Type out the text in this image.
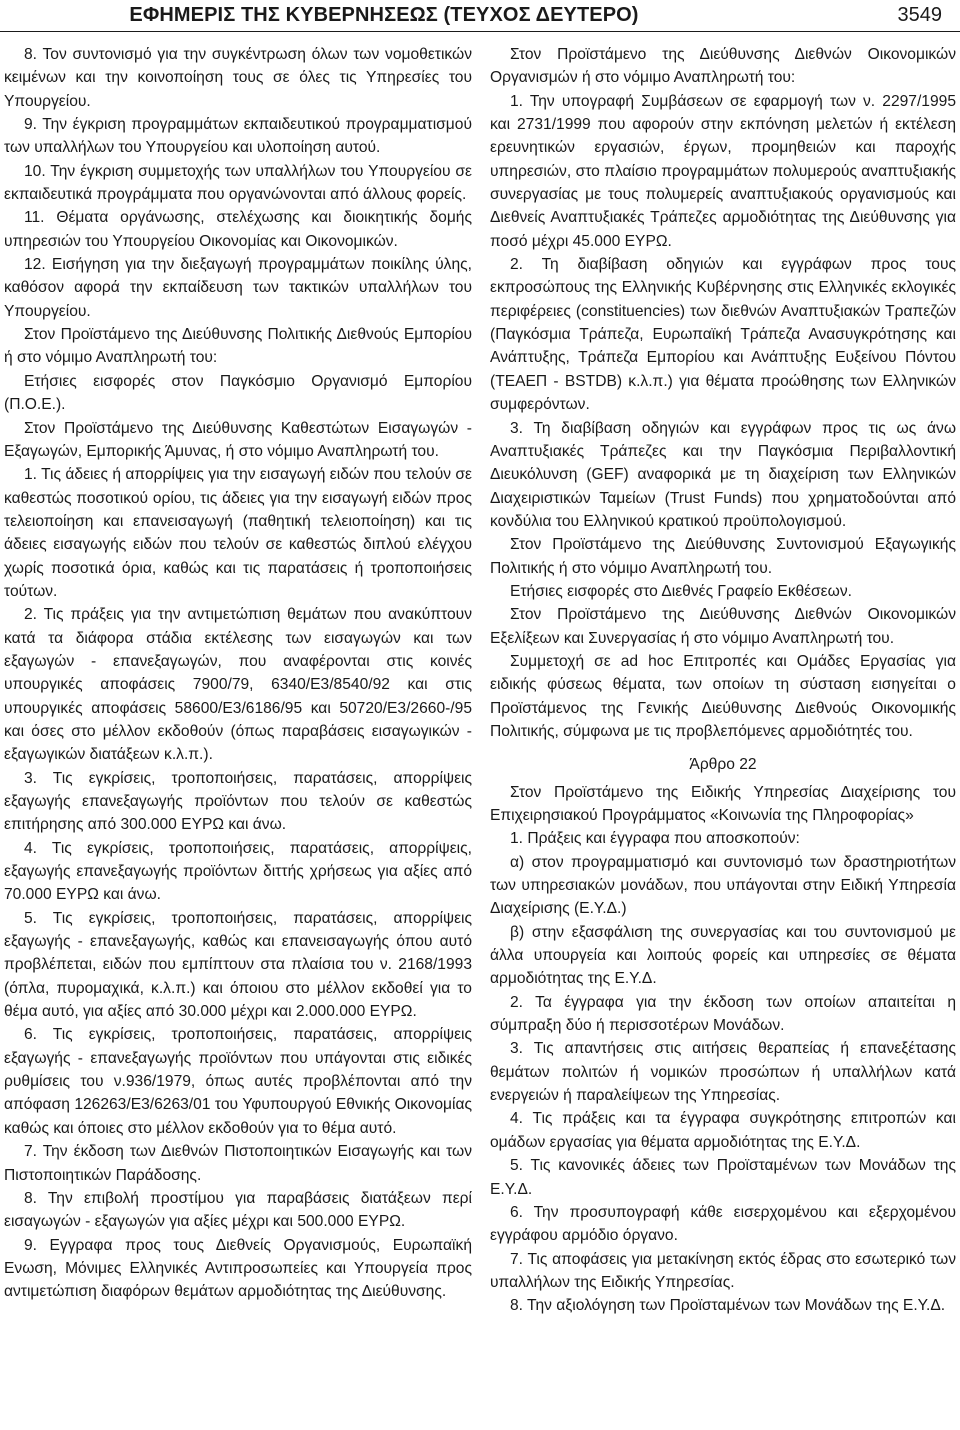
ΕΦΗΜΕΡΙΣ ΤΗΣ ΚΥΒΕΡΝΗΣΕΩΣ (ΤΕΥΧΟΣ ΔΕΥΤΕΡΟ)	3549

8. Τον συντονισμό για την συγκέντρωση όλων των νομοθετικών κειμένων και την κοινοποίηση τους σε όλες τις Υπηρεσίες του Υπουργείου.

9. Την έγκριση προγραμμάτων εκπαιδευτικού προγραμματισμού των υπαλλήλων του Υπουργείου και υλοποίηση αυτού.

10. Την έγκριση συμμετοχής των υπαλλήλων του Υπουργείου σε εκπαιδευτικά προγράμματα που οργανώνονται από άλλους φορείς.

11. Θέματα οργάνωσης, στελέχωσης και διοικητικής δομής υπηρεσιών του Υπουργείου Οικονομίας και Οικονομικών.

12. Εισήγηση για την διεξαγωγή προγραμμάτων ποικίλης ύλης, καθόσον αφορά την εκπαίδευση των τακτικών υπαλλήλων του Υπουργείου.

Στον Προϊστάμενο της Διεύθυνσης Πολιτικής Διεθνούς Εμπορίου ή στο νόμιμο Αναπληρωτή του:

Ετήσιες εισφορές στον Παγκόσμιο Οργανισμό Εμπορίου (Π.Ο.Ε.).

Στον Προϊστάμενο της Διεύθυνσης Καθεστώτων Εισαγωγών - Εξαγωγών, Εμπορικής Άμυνας, ή στο νόμιμο Αναπληρωτή του.

1. Τις άδειες ή απορρίψεις για την εισαγωγή ειδών που τελούν σε καθεστώς ποσοτικού ορίου, τις άδειες για την εισαγωγή ειδών προς τελειοποίηση και επανεισαγωγή (παθητική τελειοποίηση) και τις άδειες εισαγωγής ειδών που τελούν σε καθεστώς διπλού ελέγχου χωρίς ποσοτικά όρια, καθώς και τις παρατάσεις ή τροποποιήσεις τούτων.

2. Τις πράξεις για την αντιμετώπιση θεμάτων που ανακύπτουν κατά τα διάφορα στάδια εκτέλεσης των εισαγωγών και των εξαγωγών - επανεξαγωγών, που αναφέρονται στις κοινές υπουργικές αποφάσεις 7900/79, 6340/Ε3/8540/92 και στις υπουργικές αποφάσεις 58600/Ε3/6186/95 και 50720/Ε3/2660-/95 και όσες στο μέλλον εκδοθούν (όπως παραβάσεις εισαγωγικών - εξαγωγικών διατάξεων κ.λ.π.).

3. Τις εγκρίσεις, τροποποιήσεις, παρατάσεις, απορρίψεις εξαγωγής επανεξαγωγής προϊόντων που τελούν σε καθεστώς επιτήρησης από 300.000 ΕΥΡΩ και άνω.

4. Τις εγκρίσεις, τροποποιήσεις, παρατάσεις, απορρίψεις, εξαγωγής επανεξαγωγής προϊόντων διττής χρήσεως για αξίες από 70.000 ΕΥΡΩ και άνω.

5. Τις εγκρίσεις, τροποποιήσεις, παρατάσεις, απορρίψεις εξαγωγής - επανεξαγωγής, καθώς και επανεισαγωγής όπου αυτό προβλέπεται, ειδών που εμπίπτουν στα πλαίσια του ν. 2168/1993 (όπλα, πυρομαχικά, κ.λ.π.) και όποιου στο μέλλον εκδοθεί για το θέμα αυτό, για αξίες από 30.000 μέχρι και 2.000.000 ΕΥΡΩ.

6. Τις εγκρίσεις, τροποποιήσεις, παρατάσεις, απορρίψεις εξαγωγής - επανεξαγωγής προϊόντων που υπάγονται στις ειδικές ρυθμίσεις του ν.936/1979, όπως αυτές προβλέπονται από την απόφαση 126263/Ε3/6263/01 του Υφυπουργού Εθνικής Οικονομίας καθώς και όποιες στο μέλλον εκδοθούν για το θέμα αυτό.

7. Την έκδοση των Διεθνών Πιστοποιητικών Εισαγωγής και των Πιστοποιητικών Παράδοσης.

8. Την επιβολή προστίμου για παραβάσεις διατάξεων περί εισαγωγών - εξαγωγών για αξίες μέχρι και 500.000 ΕΥΡΩ.

9. Εγγραφα προς τους Διεθνείς Οργανισμούς, Ευρωπαϊκή Ενωση, Μόνιμες Ελληνικές Αντιπροσωπείες και Υπουργεία προς αντιμετώπιση διαφόρων θεμάτων αρμοδιότητας της Διεύθυνσης.

Στον Προϊστάμενο της Διεύθυνσης Διεθνών Οικονομικών Οργανισμών ή στο νόμιμο Αναπληρωτή του:

1. Την υπογραφή Συμβάσεων σε εφαρμογή των ν. 2297/1995 και 2731/1999 που αφορούν στην εκπόνηση μελετών ή εκτέλεση ερευνητικών εργασιών, έργων, προμηθειών και παροχής υπηρεσιών, στο πλαίσιο προγραμμάτων πολυμερούς αναπτυξιακής συνεργασίας με τους πολυμερείς αναπτυξιακούς οργανισμούς και Διεθνείς Αναπτυξιακές Τράπεζες αρμοδιότητας της Διεύθυνσης για ποσό μέχρι 45.000 ΕΥΡΩ.

2. Τη διαβίβαση οδηγιών και εγγράφων προς τους εκπροσώπους της Ελληνικής Κυβέρνησης στις Ελληνικές εκλογικές περιφέρειες (constituencies) των διεθνών Αναπτυξιακών Τραπεζών (Παγκόσμια Τράπεζα, Ευρωπαϊκή Τράπεζα Ανασυγκρότησης και Ανάπτυξης, Τράπεζα Εμπορίου και Ανάπτυξης Ευξείνου Πόντου (ΤΕΑΕΠ - BSTDB) κ.λ.π.) για θέματα προώθησης των Ελληνικών συμφερόντων.

3. Τη διαβίβαση οδηγιών και εγγράφων προς τις ως άνω Αναπτυξιακές Τράπεζες και την Παγκόσμια Περιβαλλοντική Διευκόλυνση (GEF) αναφορικά με τη διαχείριση των Ελληνικών Διαχειριστικών Ταμείων (Trust Funds) που χρηματοδούνται από κονδύλια του Ελληνικού κρατικού προϋπολογισμού.

Στον Προϊστάμενο της Διεύθυνσης Συντονισμού Εξαγωγικής Πολιτικής ή στο νόμιμο Αναπληρωτή του.

Ετήσιες εισφορές στο Διεθνές Γραφείο Εκθέσεων.

Στον Προϊστάμενο της Διεύθυνσης Διεθνών Οικονομικών Εξελίξεων και Συνεργασίας ή στο νόμιμο Αναπληρωτή του.

Συμμετοχή σε ad hoc Επιτροπές και Ομάδες Εργασίας για ειδικής φύσεως θέματα, των οποίων τη σύσταση εισηγείται ο Προϊστάμενος της Γενικής Διεύθυνσης Διεθνούς Οικονομικής Πολιτικής, σύμφωνα με τις προβλεπόμενες αρμοδιότητές του.

Άρθρο 22

Στον Προϊστάμενο της Ειδικής Υπηρεσίας Διαχείρισης του Επιχειρησιακού Προγράμματος «Κοινωνία της Πληροφορίας»

1. Πράξεις και έγγραφα που αποσκοπούν:

α) στον προγραμματισμό και συντονισμό των δραστηριοτήτων των υπηρεσιακών μονάδων, που υπάγονται στην Ειδική Υπηρεσία Διαχείρισης (Ε.Υ.Δ.)

β) στην εξασφάλιση της συνεργασίας και του συντονισμού με άλλα υπουργεία και λοιπούς φορείς και υπηρεσίες σε θέματα αρμοδιότητας της Ε.Υ.Δ.

2. Τα έγγραφα για την έκδοση των οποίων απαιτείται η σύμπραξη δύο ή περισσοτέρων Μονάδων.

3. Τις απαντήσεις στις αιτήσεις θεραπείας ή επανεξέτασης θεμάτων πολιτών ή νομικών προσώπων ή υπαλλήλων κατά ενεργειών ή παραλείψεων της Υπηρεσίας.

4. Τις πράξεις και τα έγγραφα συγκρότησης επιτροπών και ομάδων εργασίας για θέματα αρμοδιότητας της Ε.Υ.Δ.

5. Τις κανονικές άδειες των Προϊσταμένων των Μονάδων της Ε.Υ.Δ.

6. Την προσυπογραφή κάθε εισερχομένου και εξερχομένου εγγράφου αρμόδιο όργανο.

7. Τις αποφάσεις για μετακίνηση εκτός έδρας στο εσωτερικό των υπαλλήλων της Ειδικής Υπηρεσίας.

8. Την αξιολόγηση των Προϊσταμένων των Μονάδων της Ε.Υ.Δ.
